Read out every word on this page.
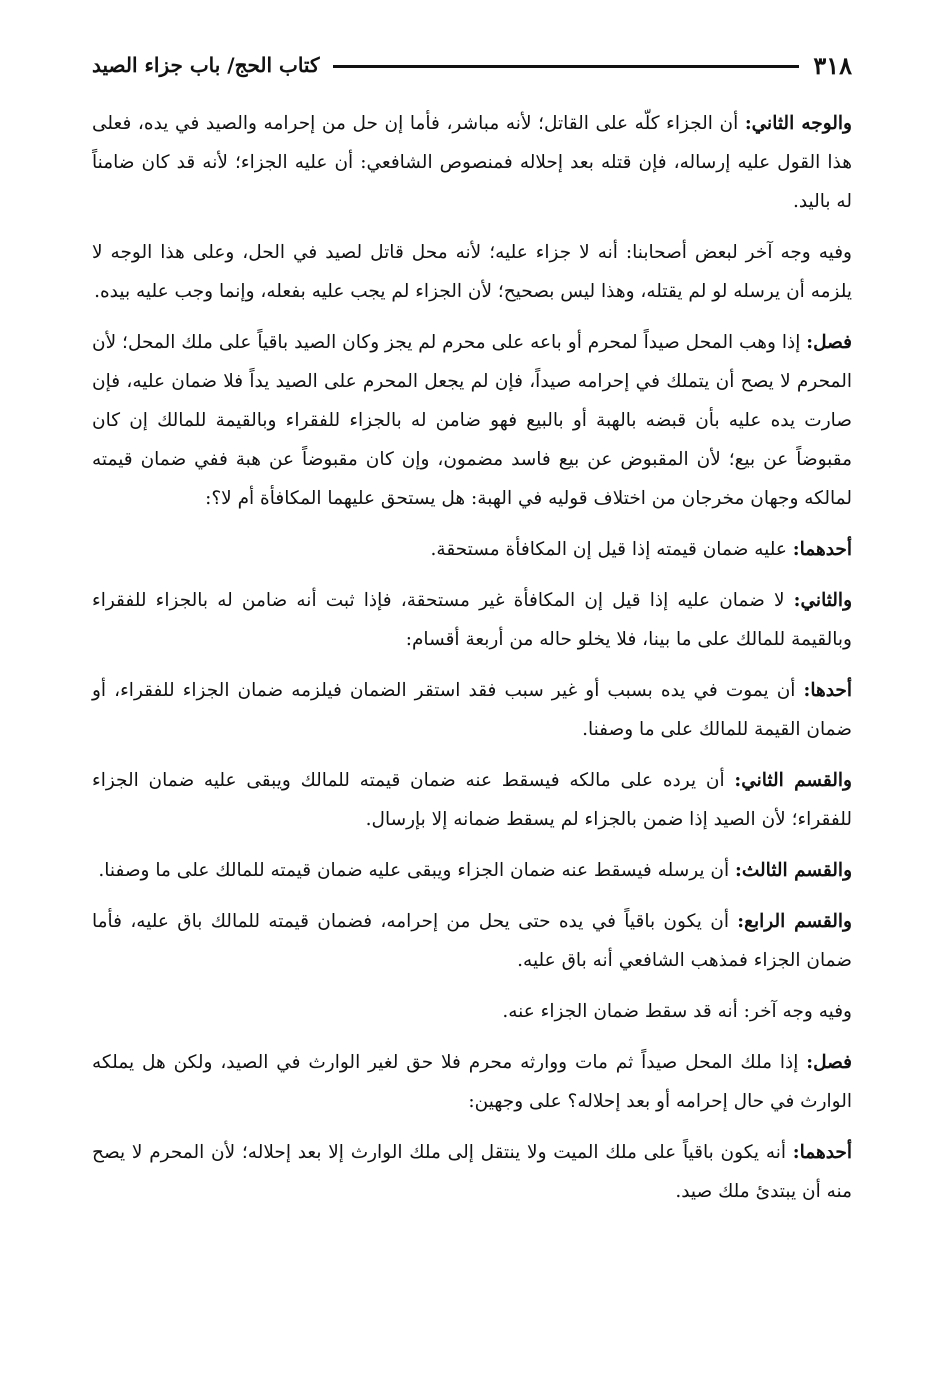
٣١٨
كتاب الحج/ باب جزاء الصيد

والوجه الثاني: أن الجزاء كلّه على القاتل؛ لأنه مباشر، فأما إن حل من إحرامه والصيد في يده، فعلى هذا القول عليه إرساله، فإن قتله بعد إحلاله فمنصوص الشافعي: أن عليه الجزاء؛ لأنه قد كان ضامناً له باليد.

وفيه وجه آخر لبعض أصحابنا: أنه لا جزاء عليه؛ لأنه محل قاتل لصيد في الحل، وعلى هذا الوجه لا يلزمه أن يرسله لو لم يقتله، وهذا ليس بصحيح؛ لأن الجزاء لم يجب عليه بفعله، وإنما وجب عليه بيده.

فصل: إذا وهب المحل صيداً لمحرم أو باعه على محرم لم يجز وكان الصيد باقياً على ملك المحل؛ لأن المحرم لا يصح أن يتملك في إحرامه صيداً، فإن لم يجعل المحرم على الصيد يداً فلا ضمان عليه، فإن صارت يده عليه بأن قبضه بالهبة أو بالبيع فهو ضامن له بالجزاء للفقراء وبالقيمة للمالك إن كان مقبوضاً عن بيع؛ لأن المقبوض عن بيع فاسد مضمون، وإن كان مقبوضاً عن هبة ففي ضمان قيمته لمالكه وجهان مخرجان من اختلاف قوليه في الهبة: هل يستحق عليهما المكافأة أم لا؟:

أحدهما: عليه ضمان قيمته إذا قيل إن المكافأة مستحقة.

والثاني: لا ضمان عليه إذا قيل إن المكافأة غير مستحقة، فإذا ثبت أنه ضامن له بالجزاء للفقراء وبالقيمة للمالك على ما بينا، فلا يخلو حاله من أربعة أقسام:

أحدها: أن يموت في يده بسبب أو غير سبب فقد استقر الضمان فيلزمه ضمان الجزاء للفقراء، أو ضمان القيمة للمالك على ما وصفنا.

والقسم الثاني: أن يرده على مالكه فيسقط عنه ضمان قيمته للمالك ويبقى عليه ضمان الجزاء للفقراء؛ لأن الصيد إذا ضمن بالجزاء لم يسقط ضمانه إلا بإرسال.

والقسم الثالث: أن يرسله فيسقط عنه ضمان الجزاء ويبقى عليه ضمان قيمته للمالك على ما وصفنا.

والقسم الرابع: أن يكون باقياً في يده حتى يحل من إحرامه، فضمان قيمته للمالك باق عليه، فأما ضمان الجزاء فمذهب الشافعي أنه باق عليه.

وفيه وجه آخر: أنه قد سقط ضمان الجزاء عنه.

فصل: إذا ملك المحل صيداً ثم مات ووارثه محرم فلا حق لغير الوارث في الصيد، ولكن هل يملكه الوارث في حال إحرامه أو بعد إحلاله؟ على وجهين:

أحدهما: أنه يكون باقياً على ملك الميت ولا ينتقل إلى ملك الوارث إلا بعد إحلاله؛ لأن المحرم لا يصح منه أن يبتدئ ملك صيد.
